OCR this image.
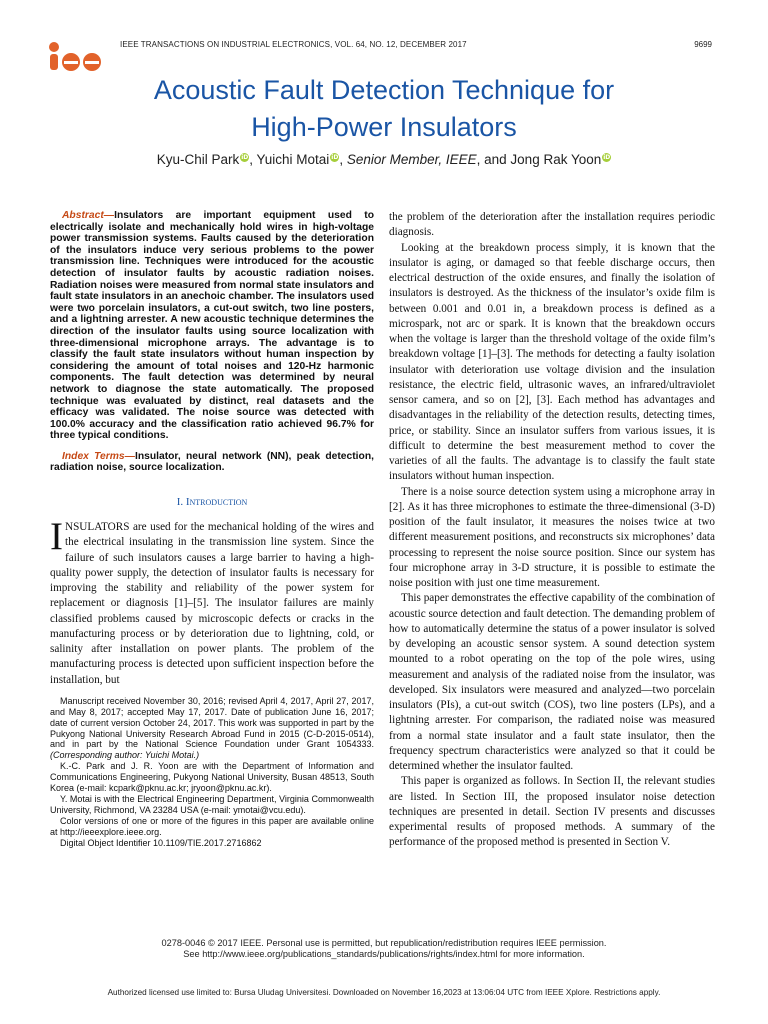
IEEE TRANSACTIONS ON INDUSTRIAL ELECTRONICS, VOL. 64, NO. 12, DECEMBER 2017	9699
Acoustic Fault Detection Technique for
High-Power Insulators
Kyu-Chil Park iD, Yuichi Motai iD, Senior Member, IEEE, and Jong Rak Yoon iD

Abstract—Insulators are important equipment used to electrically isolate and mechanically hold wires in high-voltage power transmission systems. Faults caused by the deterioration of the insulators induce very serious problems to the power transmission line. Techniques were introduced for the acoustic detection of insulator faults by acoustic radiation noises. Radiation noises were measured from normal state insulators and fault state insulators in an anechoic chamber. The insulators used were two porcelain insulators, a cut-out switch, two line posters, and a lightning arrester. A new acoustic technique determines the direction of the insulator faults using source localization with three-dimensional microphone arrays. The advantage is to classify the fault state insulators without human inspection by considering the amount of total noises and 120-Hz harmonic components. The fault detection was determined by neural network to diagnose the state automatically. The proposed technique was evaluated by distinct, real datasets and the efficacy was validated. The noise source was detected with 100.0% accuracy and the classification ratio achieved 96.7% for three typical conditions.

Index Terms—Insulator, neural network (NN), peak detection, radiation noise, source localization.

I. Introduction

INSULATORS are used for the mechanical holding of the wires and the electrical insulating in the transmission line system. Since the failure of such insulators causes a large barrier to having a high-quality power supply, the detection of insulator faults is necessary for improving the stability and reliability of the power system for replacement or diagnosis [1]–[5]. The insulator failures are mainly classified problems caused by microscopic defects or cracks in the manufacturing process or by deterioration due to lightning, cold, or salinity after installation on power plants. The problem of the manufacturing process is detected upon sufficient inspection before the installation, but

Manuscript received November 30, 2016; revised April 4, 2017, April 27, 2017, and May 8, 2017; accepted May 17, 2017. Date of publication June 16, 2017; date of current version October 24, 2017. This work was supported in part by the Pukyong National University Research Abroad Fund in 2015 (C-D-2015-0514), and in part by the National Science Foundation under Grant 1054333. (Corresponding author: Yuichi Motai.)

K.-C. Park and J. R. Yoon are with the Department of Information and Communications Engineering, Pukyong National University, Busan 48513, South Korea (e-mail: kcpark@pknu.ac.kr; jryoon@pknu.ac.kr).

Y. Motai is with the Electrical Engineering Department, Virginia Commonwealth University, Richmond, VA 23284 USA (e-mail: ymotai@vcu.edu).

Color versions of one or more of the figures in this paper are available online at http://ieeexplore.ieee.org.

Digital Object Identifier 10.1109/TIE.2017.2716862

the problem of the deterioration after the installation requires periodic diagnosis.

Looking at the breakdown process simply, it is known that the insulator is aging, or damaged so that feeble discharge occurs, then electrical destruction of the oxide ensures, and finally the isolation of insulators is destroyed. As the thickness of the insulator’s oxide film is between 0.001 and 0.01 in, a breakdown process is defined as a microspark, not arc or spark. It is known that the breakdown occurs when the voltage is larger than the threshold voltage of the oxide film’s breakdown voltage [1]–[3]. The methods for detecting a faulty isolation insulator with deterioration use voltage division and the insulation resistance, the electric field, ultrasonic waves, an infrared/ultraviolet sensor camera, and so on [2], [3]. Each method has advantages and disadvantages in the reliability of the detection results, detecting times, price, or stability. Since an insulator suffers from various issues, it is difficult to determine the best measurement method to cover the varieties of all the faults. The advantage is to classify the fault state insulators without human inspection.

There is a noise source detection system using a microphone array in [2]. As it has three microphones to estimate the three-dimensional (3-D) position of the fault insulator, it measures the noises twice at two different measurement positions, and reconstructs six microphones’ data processing to represent the noise source position. Since our system has four microphone array in 3-D structure, it is possible to estimate the noise position with just one time measurement.

This paper demonstrates the effective capability of the combination of acoustic source detection and fault detection. The demanding problem of how to automatically determine the status of a power insulator is solved by developing an acoustic sensor system. A sound detection system mounted to a robot operating on the top of the pole wires, using measurement and analysis of the radiated noise from the insulator, was developed. Six insulators were measured and analyzed—two porcelain insulators (PIs), a cut-out switch (COS), two line posters (LPs), and a lightning arrester. For comparison, the radiated noise was measured from a normal state insulator and a fault state insulator, then the frequency spectrum characteristics were analyzed so that it could be determined whether the insulator faulted.

This paper is organized as follows. In Section II, the relevant studies are listed. In Section III, the proposed insulator noise detection techniques are presented in detail. Section IV presents and discusses experimental results of proposed methods. A summary of the performance of the proposed method is presented in Section V.

0278-0046 © 2017 IEEE. Personal use is permitted, but republication/redistribution requires IEEE permission.
See http://www.ieee.org/publications_standards/publications/rights/index.html for more information.
Authorized licensed use limited to: Bursa Uludag Universitesi. Downloaded on November 16,2023 at 13:06:04 UTC from IEEE Xplore. Restrictions apply.
